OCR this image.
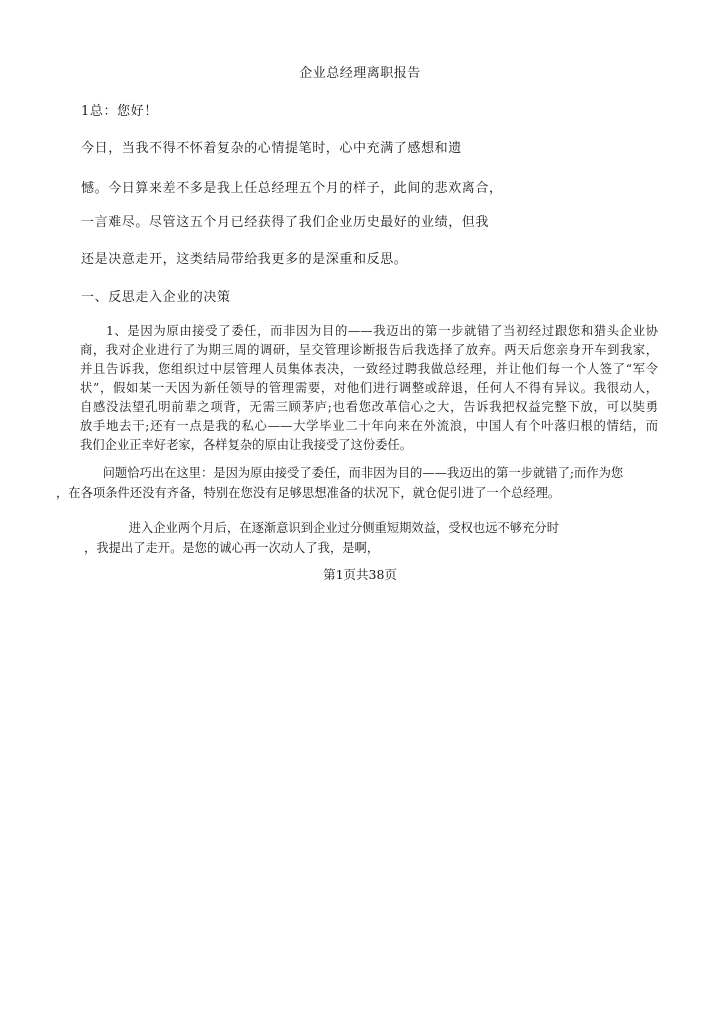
企业总经理离职报告
1总：您好！
今日，当我不得不怀着复杂的心情提笔时，心中充满了感想和遗
憾。今日算来差不多是我上任总经理五个月的样子，此间的悲欢离合，
一言难尽。尽管这五个月已经获得了我们企业历史最好的业绩，但我
还是决意走开，这类结局带给我更多的是深重和反思。
一、反思走入企业的决策
　　1、是因为原由接受了委任，而非因为目的——我迈出的第一步就错了当初经过跟您和猎头企业协
商，我对企业进行了为期三周的调研，呈交管理诊断报告后我选择了放弃。两天后您亲身开车到我家，
并且告诉我，您组织过中层管理人员集体表决，一致经过聘我做总经理，并让他们每一个人签了“军令
状”，假如某一天因为新任领导的管理需要，对他们进行调整或辞退，任何人不得有异议。我很动人，
自感没法望孔明前辈之项背，无需三顾茅庐;也看您改革信心之大，告诉我把权益完整下放，可以奘勇
放手地去干;还有一点是我的私心——大学毕业二十年向来在外流浪，中国人有个叶落归根的情结，而
我们企业正幸好老家，各样复杂的原由让我接受了这份委任。
　　问题恰巧出在这里：是因为原由接受了委任，而非因为目的——我迈出的第一步就错了;而作为您
，在各项条件还没有齐备，特别在您没有足够思想准备的状况下，就仓促引进了一个总经理。
　　进入企业两个月后，在逐渐意识到企业过分侧重短期效益，受权也远不够充分时
，我提出了走开。是您的诚心再一次动人了我，是啊，
第1页共38页
